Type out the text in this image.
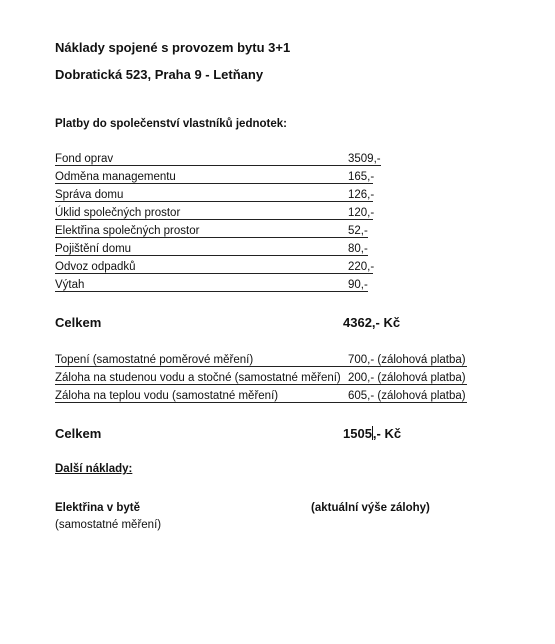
Náklady spojené s provozem bytu 3+1
Dobratická 523, Praha 9 - Letňany
Platby do společenství vlastníků jednotek:
Fond oprav	3509,-
Odměna managementu	165,-
Správa domu	126,-
Úklid společných prostor	120,-
Elektřina společných prostor	52,-
Pojištění domu	80,-
Odvoz odpadků	220,-
Výtah	90,-
Celkem	4362,- Kč
Topení (samostatné poměrové měření)	700,- (zálohová platba)
Záloha na studenou vodu a stočné (samostatné měření) 200,- (zálohová platba)
Záloha na teplou vodu (samostatné měření)	605,- (zálohová platba)
Celkem	1505,- Kč
Další náklady:
Elektřina v bytě	(aktuální výše zálohy)
(samostatné měření)
